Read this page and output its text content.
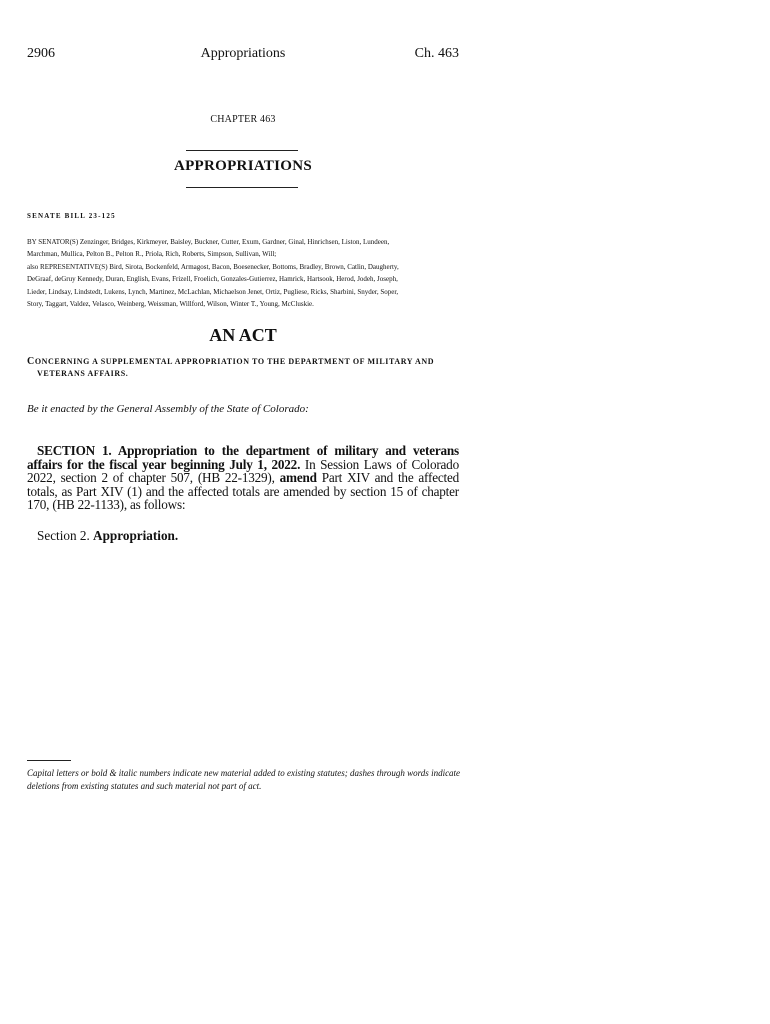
2906	Appropriations	Ch. 463
CHAPTER 463
APPROPRIATIONS
SENATE BILL 23-125
BY SENATOR(S) Zenzinger, Bridges, Kirkmeyer, Baisley, Buckner, Cutter, Exum, Gardner, Ginal, Hinrichsen, Liston, Lundeen,
Marchman, Mullica, Pelton B., Pelton R., Priola, Rich, Roberts, Simpson, Sullivan, Will;
also REPRESENTATIVE(S) Bird, Sirota, Bockenfeld, Armagost, Bacon, Boesenecker, Bottoms, Bradley, Brown, Catlin, Daugherty,
DeGraaf, deGruy Kennedy, Duran, English, Evans, Frizell, Froelich, Gonzales-Gutierrez, Hamrick, Hartsook, Herod, Jodeh, Joseph,
Lieder, Lindsay, Lindstedt, Lukens, Lynch, Martinez, McLachlan, Michaelson Jenet, Ortiz, Pugliese, Ricks, Sharbini, Snyder, Soper,
Story, Taggart, Valdez, Velasco, Weinberg, Weissman, Willford, Wilson, Winter T., Young, McCluskie.
AN ACT
CONCERNING A SUPPLEMENTAL APPROPRIATION TO THE DEPARTMENT OF MILITARY AND
VETERANS AFFAIRS.
Be it enacted by the General Assembly of the State of Colorado:
SECTION 1. Appropriation to the department of military and veterans affairs for the fiscal year beginning July 1, 2022. In Session Laws of Colorado 2022, section 2 of chapter 507, (HB 22-1329), amend Part XIV and the affected totals, as Part XIV (1) and the affected totals are amended by section 15 of chapter 170, (HB 22-1133), as follows:
Section 2. Appropriation.
Capital letters or bold & italic numbers indicate new material added to existing statutes; dashes through words indicate deletions from existing statutes and such material not part of act.
